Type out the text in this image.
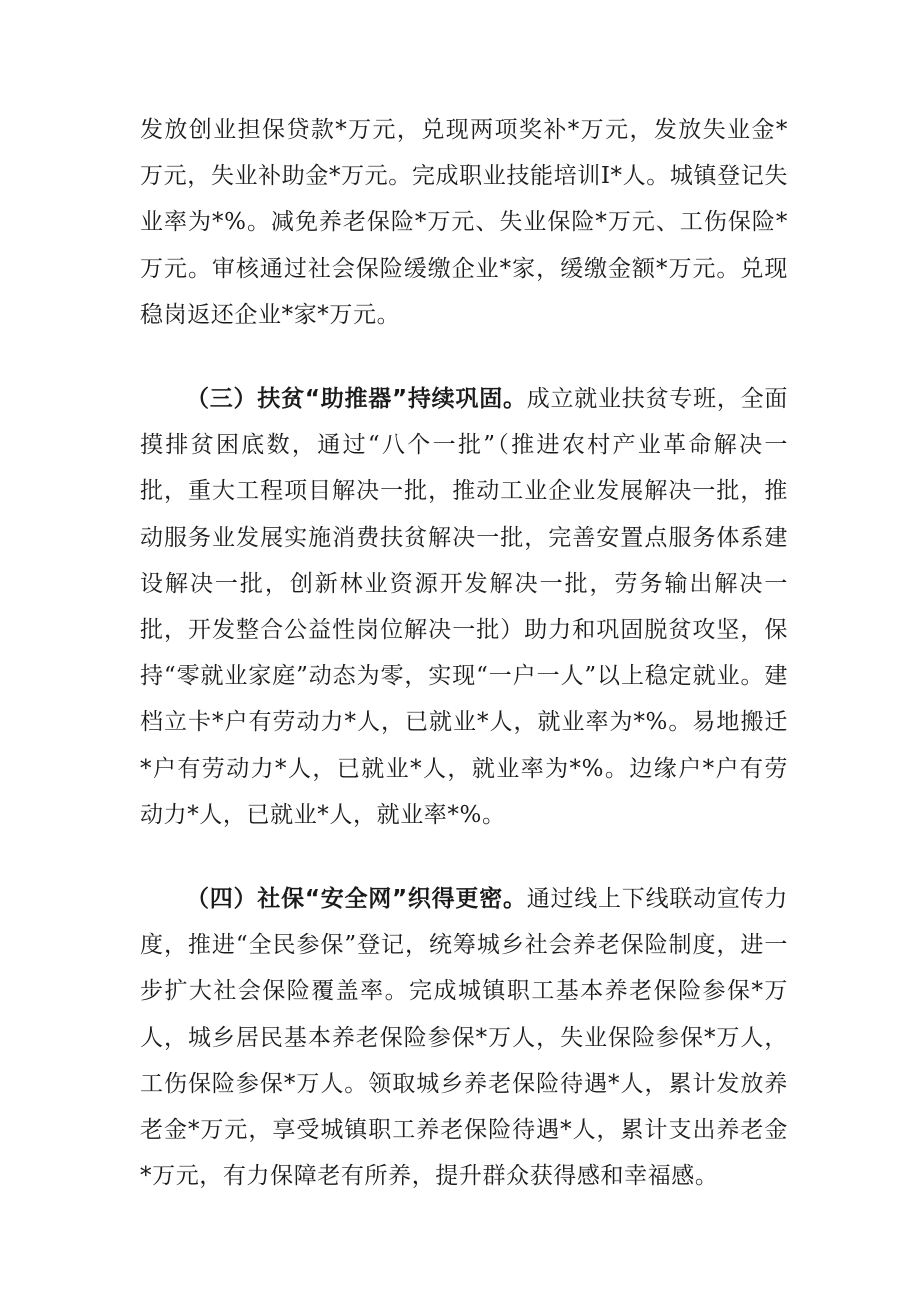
发放创业担保贷款*万元，兑现两项奖补*万元，发放失业金*万元，失业补助金*万元。完成职业技能培训I*人。城镇登记失业率为*%。减免养老保险*万元、失业保险*万元、工伤保险*万元。审核通过社会保险缓缴企业*家，缓缴金额*万元。兑现稳岗返还企业*家*万元。

（三）扶贫“助推器”持续巩固。成立就业扶贫专班，全面摸排贫困底数，通过“八个一批”（推进农村产业革命解决一批，重大工程项目解决一批，推动工业企业发展解决一批，推动服务业发展实施消费扶贫解决一批，完善安置点服务体系建设解决一批，创新林业资源开发解决一批，劳务输出解决一批，开发整合公益性岗位解决一批）助力和巩固脱贫攻坚，保持“零就业家庭”动态为零，实现“一户一人”以上稳定就业。建档立卡*户有劳动力*人，已就业*人，就业率为*%。易地搬迁*户有劳动力*人，已就业*人，就业率为*%。边缘户*户有劳动力*人，已就业*人，就业率*%。

（四）社保“安全网”织得更密。通过线上下线联动宣传力度，推进“全民参保”登记，统筹城乡社会养老保险制度，进一步扩大社会保险覆盖率。完成城镇职工基本养老保险参保*万人，城乡居民基本养老保险参保*万人，失业保险参保*万人，工伤保险参保*万人。领取城乡养老保险待遇*人，累计发放养老金*万元，享受城镇职工养老保险待遇*人，累计支出养老金*万元，有力保障老有所养，提升群众获得感和幸福感。
